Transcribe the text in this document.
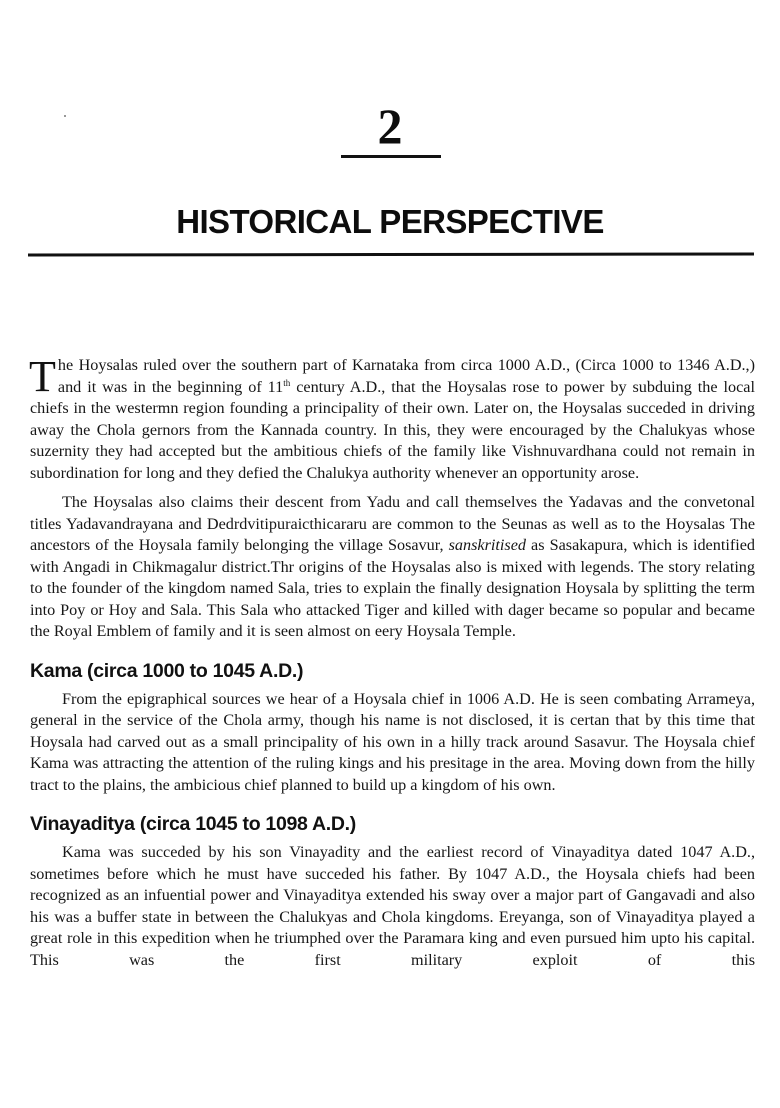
2
HISTORICAL PERSPECTIVE

The Hoysalas ruled over the southern part of Karnataka from circa 1000 A.D., (Circa 1000 to 1346 A.D.,) and it was in the beginning of 11th century A.D., that the Hoysalas rose to power by subduing the local chiefs in the westermn region founding a principality of their own. Later on, the Hoysalas succeded in driving away the Chola gernors from the Kannada country. In this, they were encouraged by the Chalukyas whose suzernity they had accepted but the ambitious chiefs of the family like Vishnuvardhana could not remain in subordination for long and they defied the Chalukya authority whenever an opportunity arose.

The Hoysalas also claims their descent from Yadu and call themselves the Yadavas and the convetonal titles Yadavandrayana and Dedrdvitipuraicthicararu are common to the Seunas as well as to the Hoysalas The ancestors of the Hoysala family belonging the village Sosavur, sanskritised as Sasakapura, which is identified with Angadi in Chikmagalur district.Thr origins of the Hoysalas also is mixed with legends. The story relating to the founder of the kingdom named Sala, tries to explain the finally designation Hoysala by splitting the term into Poy or Hoy and Sala. This Sala who attacked Tiger and killed with dager became so popular and became the Royal Emblem of family and it is seen almost on eery Hoysala Temple.

Kama (circa 1000 to 1045 A.D.)

From the epigraphical sources we hear of a Hoysala chief in 1006 A.D. He is seen combating Arrameya, general in the service of the Chola army, though his name is not disclosed, it is certan that by this time that Hoysala had carved out as a small principality of his own in a hilly track around Sasavur. The Hoysala chief Kama was attracting the attention of the ruling kings and his presitage in the area. Moving down from the hilly tract to the plains, the ambicious chief planned to build up a kingdom of his own.

Vinayaditya (circa 1045 to 1098 A.D.)

Kama was succeded by his son Vinayadity and the earliest record of Vinayaditya dated 1047 A.D., sometimes before which he must have succeded his father. By 1047 A.D., the Hoysala chiefs had been recognized as an infuential power and Vinayaditya extended his sway over a major part of Gangavadi and also his was a buffer state in between the Chalukyas and Chola kingdoms. Ereyanga, son of Vinayaditya played a great role in this expedition when he triumphed over the Paramara king and even pursued him upto his capital. This was the first military exploit of this
